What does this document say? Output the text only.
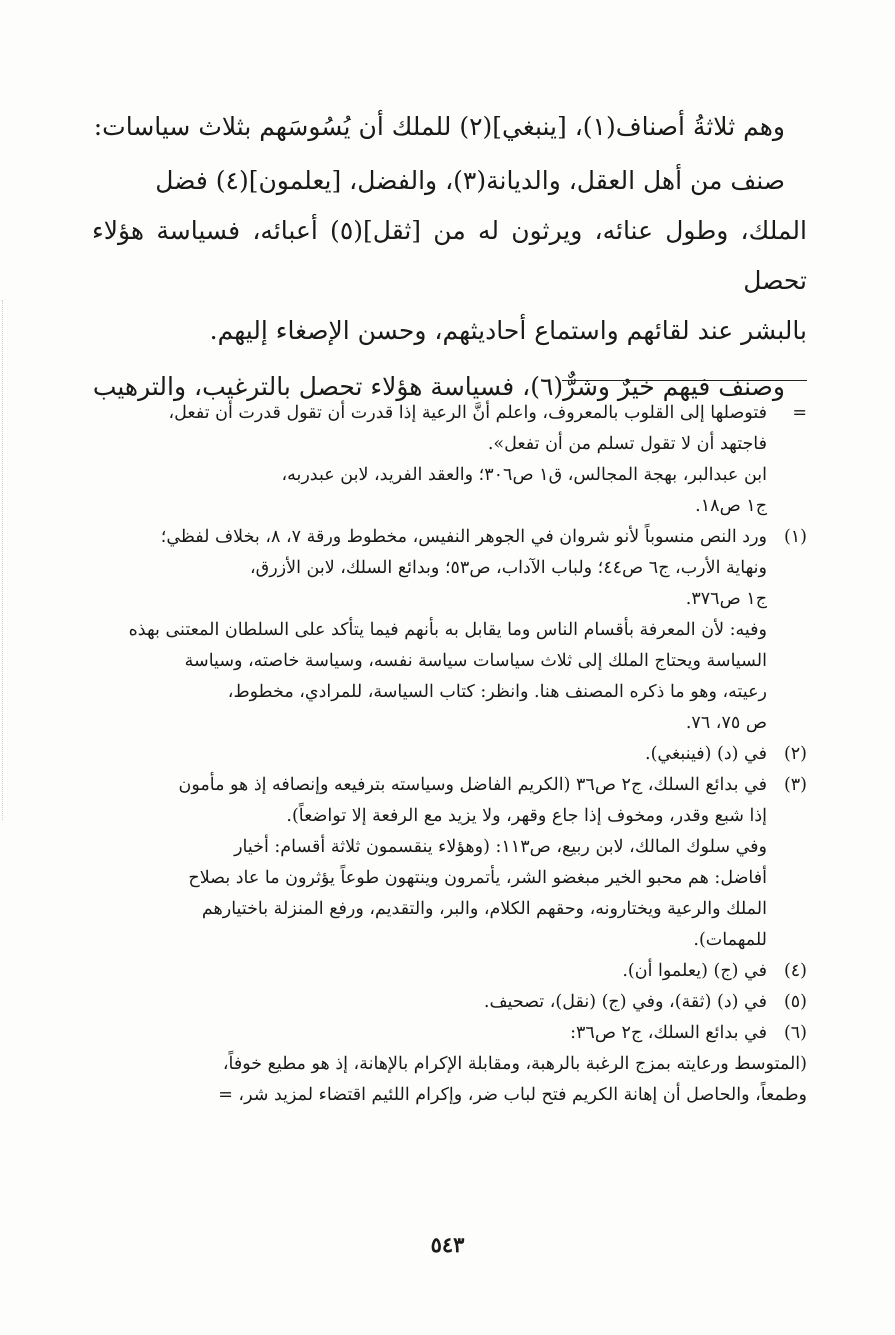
وهم ثلاثةُ أصناف(١)، [ينبغي](٢) للملك أن يُسُوسَهم بثلاث سياسات:

صنف من أهل العقل، والديانة(٣)، والفضل، [يعلمون](٤) فضل

الملك، وطول عنائه، ويرثون له من [ثقل](٥) أعبائه، فسياسة هؤلاء تحصل

بالبشر عند لقائهم واستماع أحاديثهم، وحسن الإصغاء إليهم.

وصنف فيهم خيرٌ وشرٌّ(٦)، فسياسة هؤلاء تحصل بالترغيب، والترهيب

=
فتوصلها إلى القلوب بالمعروف، واعلم أنَّ الرعية إذا قدرت أن تقول قدرت أن تفعل،
فاجتهد أن لا تقول تسلم من أن تفعل».
ابن عبدالبر، بهجة المجالس، ق١ ص٣٠٦؛ والعقد الفريد، لابن عبدربه،
ج١ ص١٨.
(١)
ورد النص منسوباً لأنو شروان في الجوهر النفيس، مخطوط ورقة ٧، ٨، بخلاف لفظي؛
ونهاية الأرب، ج٦ ص٤٤؛ ولباب الآداب، ص٥٣؛ وبدائع السلك، لابن الأزرق،
ج١ ص٣٧٦.
وفيه: لأن المعرفة بأقسام الناس وما يقابل به بأنهم فيما يتأكد على السلطان المعتنى بهذه
السياسة ويحتاج الملك إلى ثلاث سياسات سياسة نفسه، وسياسة خاصته، وسياسة
رعيته، وهو ما ذكره المصنف هنا. وانظر: كتاب السياسة، للمرادي، مخطوط،
ص ٧٥، ٧٦.
(٢)
في (د) (فينبغي).
(٣)
في بدائع السلك، ج٢ ص٣٦ (الكريم الفاضل وسياسته بترفيعه وإنصافه إذ هو مأمون
إذا شبع وقدر، ومخوف إذا جاع وقهر، ولا يزيد مع الرفعة إلا تواضعاً).
وفي سلوك المالك، لابن ربيع، ص١١٣: (وهؤلاء ينقسمون ثلاثة أقسام: أخيار
أفاضل: هم محبو الخير مبغضو الشر، يأتمرون وينتهون طوعاً يؤثرون ما عاد بصلاح
الملك والرعية ويختارونه، وحقهم الكلام، والبر، والتقديم، ورفع المنزلة باختيارهم
للمهمات).
(٤)
في (ج) (يعلموا أن).
(٥)
في (د) (ثقة)، وفي (ج) (نقل)، تصحيف.
(٦)
في بدائع السلك، ج٢ ص٣٦:
(المتوسط ورعايته بمزج الرغبة بالرهبة، ومقابلة الإكرام بالإهانة، إذ هو مطيع خوفاً،
وطمعاً، والحاصل أن إهانة الكريم فتح لباب ضر، وإكرام اللئيم اقتضاء لمزيد شر، =
٥٤٣
